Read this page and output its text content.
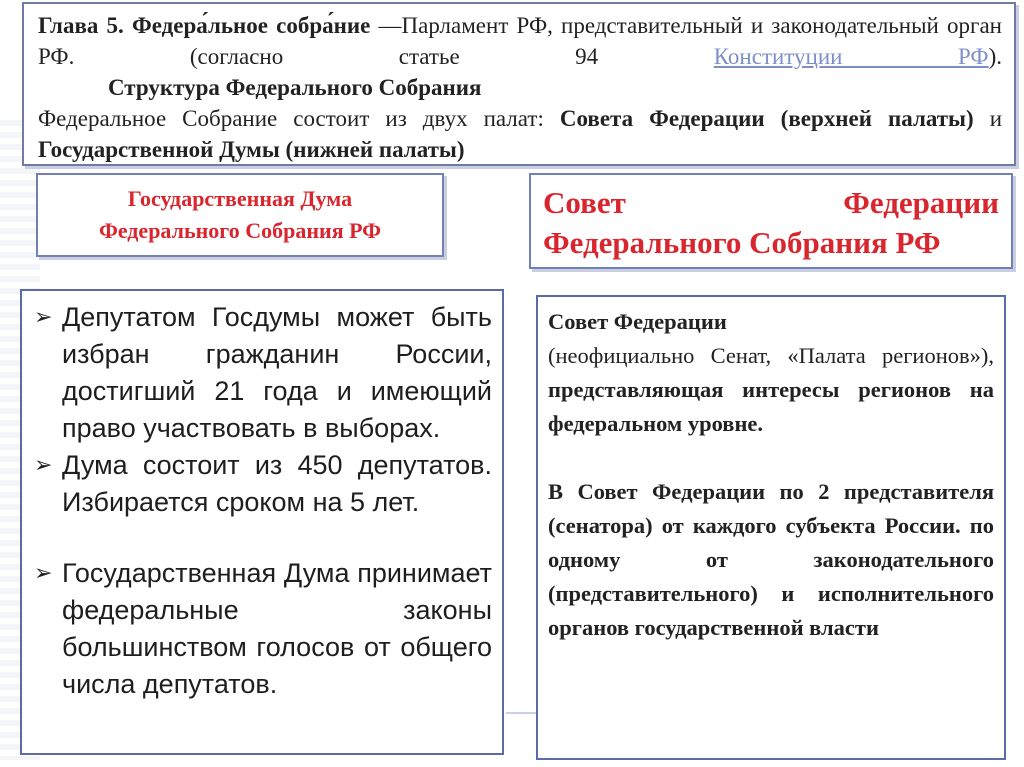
Глава 5. Федера́льное собра́ние —Парламент РФ, представительный и законодательный орган РФ.	(согласно статье 94	Конституции РФ).
Структура Федерального Собрания
Федеральное Собрание состоит из двух палат: Совета Федерации (верхней палаты) и Государственной Думы (нижней палаты)
Государственная Дума
Федерального Собрания РФ
Совет Федерации
Федерального Собрания РФ
➢ Депутатом Госдумы может быть избран гражданин России, достигший 21 года и имеющий право участвовать в выборах.
➢ Дума состоит из 450 депутатов. Избирается сроком на 5 лет.
➢ Государственная Дума принимает федеральные законы большинством голосов от общего числа депутатов.
Совет Федерации
(неофициально Сенат, «Палата регионов»), представляющая интересы регионов на федеральном уровне.
В Совет Федерации по 2 представителя (сенатора) от каждого субъекта России. по одному от законодательного (представительного) и исполнительного органов государственной власти
